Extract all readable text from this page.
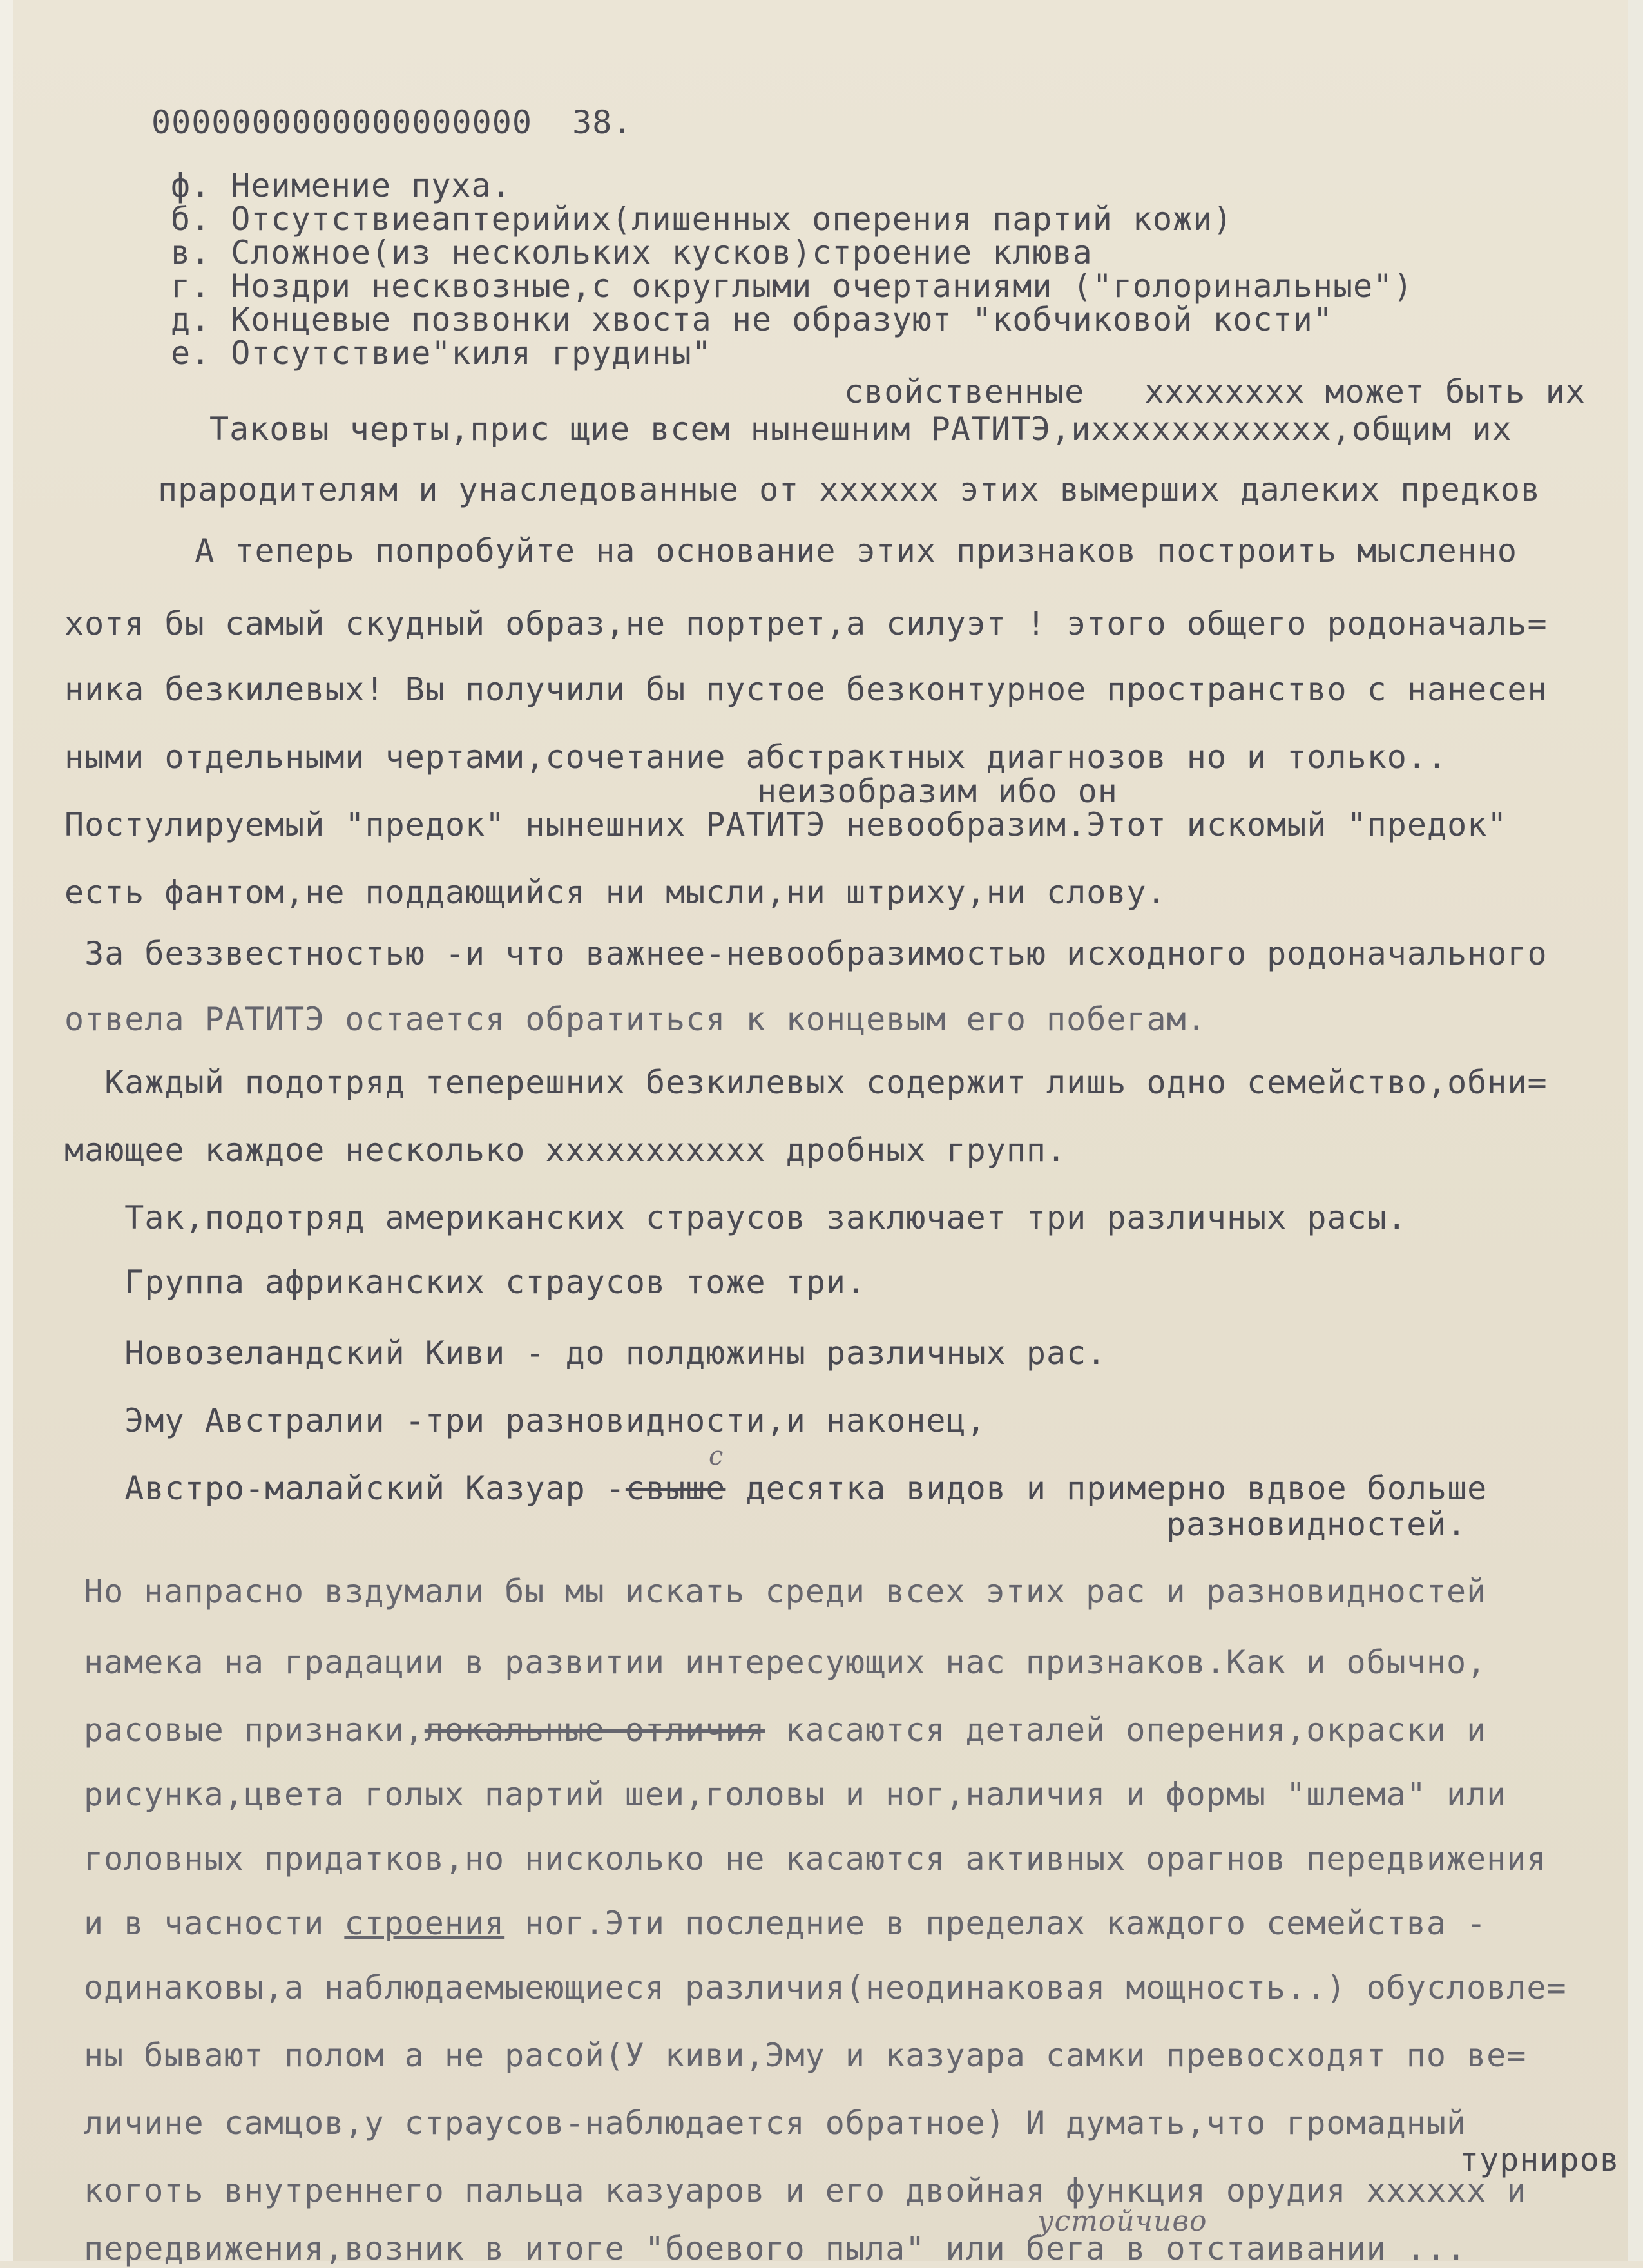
0000000000000000000  38.
ф. Неимение пуха.
б. Отсутствиеаптерийих(лишенных оперения партий кожи)
в. Сложное(из нескольких кусков)строение клюва
г. Ноздри несквозные,с округлыми очертаниями ("голоринальные")
д. Концевые позвонки хвоста не образуют "кобчиковой кости"
е. Отсутствие"киля грудины"
свойственные   хххххххх может быть их
Таковы черты,прис щие всем нынешним РАТИТЭ,ихххххххххххх,общим их
прародителям и унаследованные от хххххх этих вымерших далеких предков
А теперь попробуйте на основание этих признаков построить мысленно
хотя бы самый скудный образ,не портрет,а силуэт ! этого общего родоначаль=
ника безкилевых! Вы получили бы пустое безконтурное пространство с нанесен
ными отдельными чертами,сочетание абстрактных диагнозов но и только..
неизобразим ибо он
Постулируемый "предок" нынешних РАТИТЭ невообразим.Этот искомый "предок"
есть фантом,не поддающийся ни мысли,ни штриху,ни слову.
За беззвестностью -и что важнее-невообразимостью исходного родоначального
отвела РАТИТЭ остается обратиться к концевым его побегам.
Каждый подотряд теперешних безкилевых содержит лишь одно семейство,обни=
мающее каждое несколько ххххххххххх дробных групп.
Так,подотряд американских страусов заключает три различных расы.
Группа африканских страусов тоже три.
Новозеландский Киви - до полдюжины различных рас.
Эму Австралии -три разновидности,и наконец,
с
Австро-малайский Казуар -свыше десятка видов и примерно вдвое больше
разновидностей.
Но напрасно вздумали бы мы искать среди всех этих рас и разновидностей
намека на градации в развитии интересующих нас признаков.Как и обычно,
расовые признаки,локальные отличия касаются деталей оперения,окраски и
рисунка,цвета голых партий шеи,головы и ног,наличия и формы "шлема" или
головных придатков,но нисколько не касаются активных орагнов передвижения
и в часности строения ног.Эти последние в пределах каждого семейства -
одинаковы,а наблюдаемыеющиеся различия(неодинаковая мощность..) обусловле=
ны бывают полом а не расой(У киви,Эму и казуара самки превосходят по ве=
личине самцов,у страусов-наблюдается обратное) И думать,что громадный
турниров
коготь внутреннего пальца казуаров и его двойная функция орудия хххххх и
устойчиво
передвижения,возник в итоге "боевого пыла" или бега в отстаивании ...
